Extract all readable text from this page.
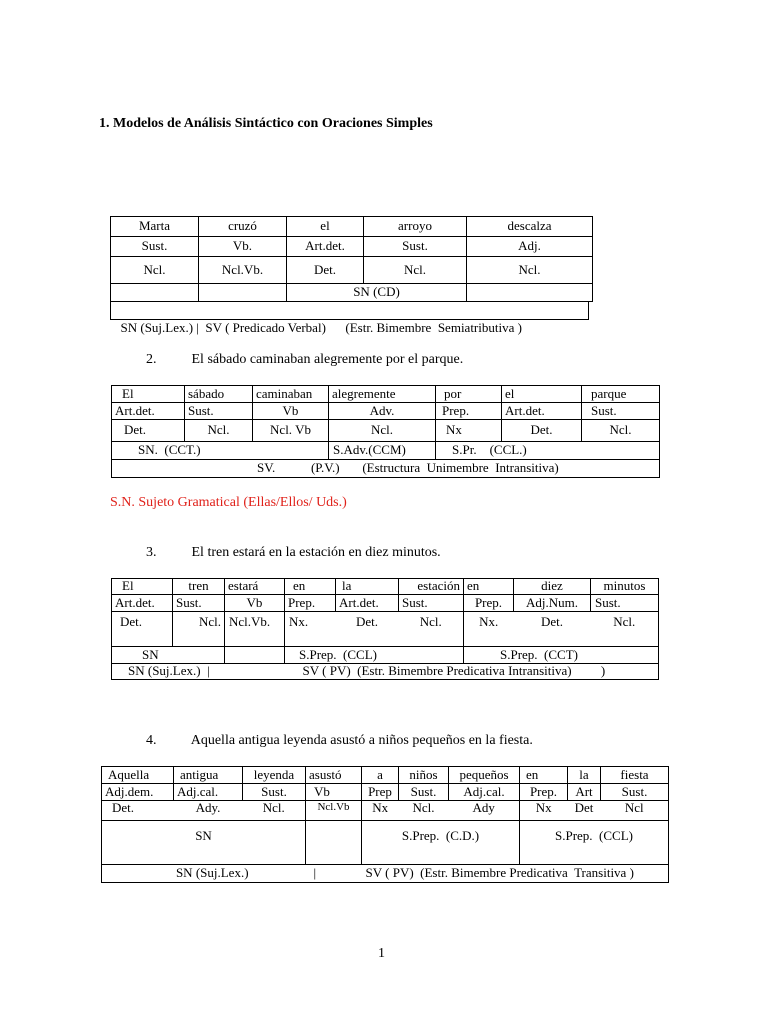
1. Modelos de Análisis Sintáctico con Oraciones Simples
Marta	cruzó	el	arroyo	descalza
Sust.	Vb.	Art.det.	Sust.	Adj.
Ncl.	Ncl.Vb.	Det.	Ncl.	Ncl.
		SN (CD)		

SN (Suj.Lex.) |  SV ( Predicado Verbal)      (Estr. Bimembre  Semiatributiva )

2.          El sábado caminaban alegremente por el parque.
El	sábado	caminaban	alegremente	por	el	parque
Art.det.	Sust.	Vb	Adv.	Prep.	Art.det.	Sust.
Det.	Ncl.	Ncl. Vb	Ncl.	Nx	Det.	Ncl.
SN.  (CCT.)			S.Adv.(CCM)	S.Pr.    (CCL.)		
SV.           (P.V.)       (Estructura  Unimembre  Intransitiva)						
S.N. Sujeto Gramatical (Ellas/Ellos/ Uds.)
3.          El tren estará en la estación en diez minutos.
El	tren	estará	en	la	estación	en	diez	minutos
Art.det.	Sust.	Vb	Prep.	Art.det.	Sust.	Prep.	Adj.Num.	Sust.
Det.	Ncl.	Ncl.Vb.	Nx.	Det.	Ncl.	Nx.	Det.	Ncl.
SN			S.Prep.  (CCL)			S.Prep.  (CCT)		
SN (Suj.Lex.)  |			SV ( PV)  (Estr. Bimembre Predicativa Intransitiva)         )					
4.          Aquella antigua leyenda asustó a niños pequeños en la fiesta.
Aquella	antigua	leyenda	asustó	a	niños	pequeños	en	la	fiesta
Adj.dem.	Adj.cal.	Sust.	Vb	Prep	Sust.	Adj.cal.	Prep.	Art	Sust.
Det.	Ady.	Ncl.	Ncl.Vb	Nx	Ncl.	Ady	Nx	Det	Ncl
SN				S.Prep.  (C.D.)			S.Prep.  (CCL)		
SN (Suj.Lex.)			|	SV ( PV)  (Estr. Bimembre Predicativa  Transitiva )					
1
